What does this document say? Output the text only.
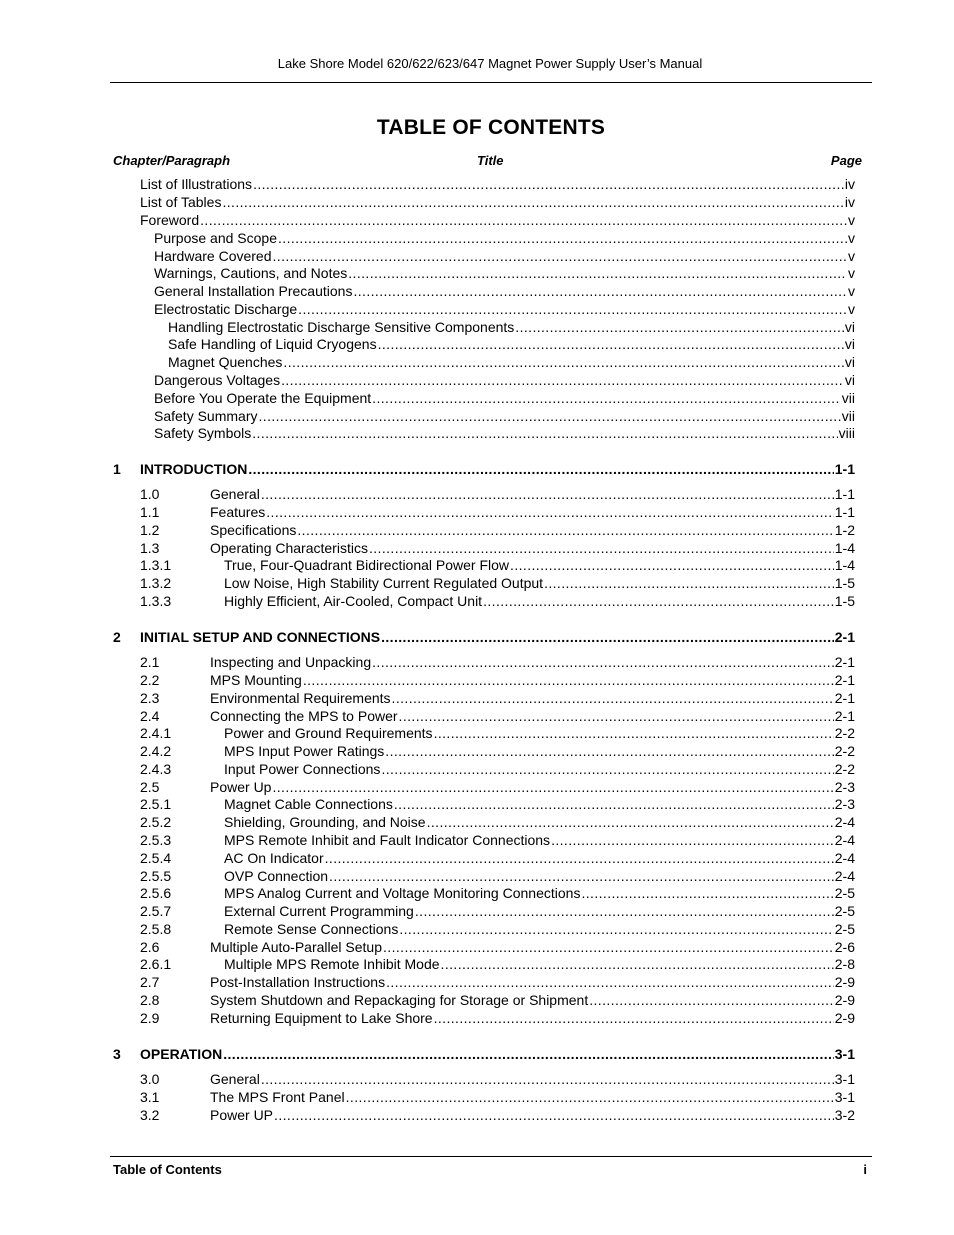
Lake Shore Model 620/622/623/647 Magnet Power Supply User’s Manual
TABLE OF CONTENTS
Chapter/Paragraph	Title	Page
List of Illustrations .....	iv
List of Tables .....	iv
Foreword .....	v
Purpose and Scope .....	v
Hardware Covered .....	v
Warnings, Cautions, and Notes .....	v
General Installation Precautions .....	v
Electrostatic Discharge .....	v
Handling Electrostatic Discharge Sensitive Components .....	vi
Safe Handling of Liquid Cryogens .....	vi
Magnet Quenches .....	vi
Dangerous Voltages .....	vi
Before You Operate the Equipment .....	vii
Safety Summary .....	vii
Safety Symbols .....	viii
1 INTRODUCTION .....	1-1
1.0	General .....	1-1
1.1	Features .....	1-1
1.2	Specifications .....	1-2
1.3	Operating Characteristics .....	1-4
1.3.1	True, Four-Quadrant Bidirectional Power Flow .....	1-4
1.3.2	Low Noise, High Stability Current Regulated Output .....	1-5
1.3.3	Highly Efficient, Air-Cooled, Compact Unit .....	1-5
2 INITIAL SETUP AND CONNECTIONS .....	2-1
2.1	Inspecting and Unpacking .....	2-1
2.2	MPS Mounting .....	2-1
2.3	Environmental Requirements .....	2-1
2.4	Connecting the MPS to Power .....	2-1
2.4.1	Power and Ground Requirements .....	2-2
2.4.2	MPS Input Power Ratings .....	2-2
2.4.3	Input Power Connections .....	2-2
2.5	Power Up .....	2-3
2.5.1	Magnet Cable Connections .....	2-3
2.5.2	Shielding, Grounding, and Noise .....	2-4
2.5.3	MPS Remote Inhibit and Fault Indicator Connections .....	2-4
2.5.4	AC On Indicator .....	2-4
2.5.5	OVP Connection .....	2-4
2.5.6	MPS Analog Current and Voltage Monitoring Connections .....	2-5
2.5.7	External Current Programming .....	2-5
2.5.8	Remote Sense Connections .....	2-5
2.6	Multiple Auto-Parallel Setup .....	2-6
2.6.1	Multiple MPS Remote Inhibit Mode .....	2-8
2.7	Post-Installation Instructions .....	2-9
2.8	System Shutdown and Repackaging for Storage or Shipment .....	2-9
2.9	Returning Equipment to Lake Shore .....	2-9
3 OPERATION .....	3-1
3.0	General .....	3-1
3.1	The MPS Front Panel .....	3-1
3.2	Power UP .....	3-2
Table of Contents	i
